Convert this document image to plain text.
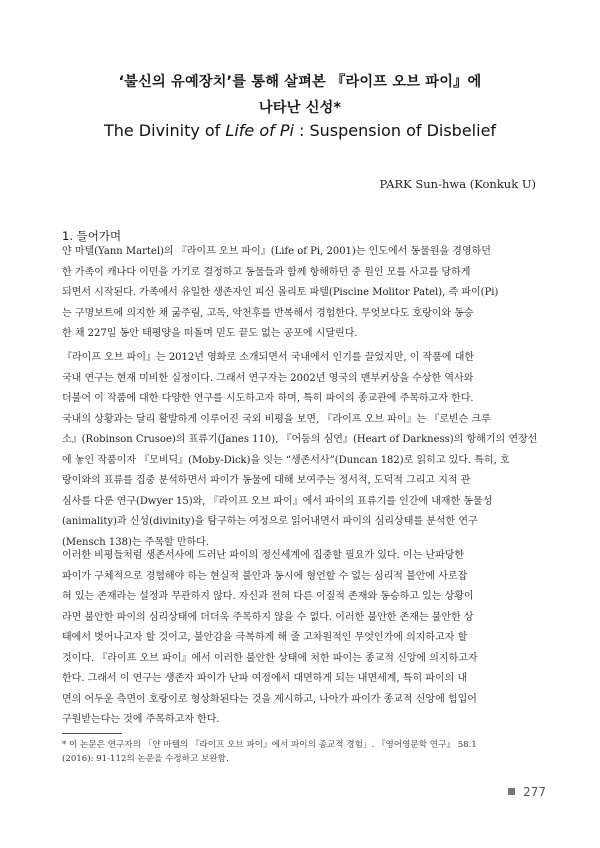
‘불신의 유예장치’를 통해 살펴본 『라이프 오브 파이』에
나타난 신성*
The Divinity of Life of Pi : Suspension of Disbelief
PARK Sun-hwa (Konkuk U)
1. 들어가며
얀 마텔(Yann Martel)의 『라이프 오브 파이』(Life of Pi, 2001)는 인도에서 동물원을 경영하던
한 가족이 캐나다 이민을 가기로 결정하고 동물들과 함께 항해하던 중 원인 모를 사고를 당하게
되면서 시작된다. 가족에서 유일한 생존자인 피신 몰리토 파텔(Piscine Molitor Patel), 즉 파이(Pi)
는 구명보트에 의지한 채 굶주림, 고독, 악천후를 반복해서 경험한다. 무엇보다도 호랑이와 동승
한 채 227일 동안 태평양을 떠돌며 믿도 끝도 없는 공포에 시달린다.
『라이프 오브 파이』는 2012년 영화로 소개되면서 국내에서 인기를 끌었지만, 이 작품에 대한
국내 연구는 현재 미비한 실정이다. 그래서 연구자는 2002년 영국의 맨부커상을 수상한 역사와
더불어 이 작품에 대한 다양한 연구를 시도하고자 하며, 특히 파이의 종교관에 주목하고자 한다.
국내의 상황과는 달리 활발하게 이루어진 국외 비평을 보면, 『라이프 오브 파이』는 『로빈슨 크루
소』(Robinson Crusoe)의 표류기(Janes 110), 『어둠의 심연』(Heart of Darkness)의 항해기의 연장선
에 놓인 작품이자 『모비딕』(Moby-Dick)을 잇는 “생존서사”(Duncan 182)로 읽히고 있다. 특히, 호
랑이와의 표류를 집중 분석하면서 파이가 동물에 대해 보여주는 정서적, 도덕적 그리고 지적 관
심사를 다룬 연구(Dwyer 15)와, 『라이프 오브 파이』에서 파이의 표류기를 인간에 내재한 동물성
(animality)과 신성(divinity)을 탐구하는 여정으로 읽어내면서 파이의 심리상태를 분석한 연구
(Mensch 138)는 주목할 만하다.
이러한 비평들처럼 생존서사에 드러난 파이의 정신세계에 집중할 필요가 있다. 이는 난파당한
파이가 구체적으로 경험해야 하는 현실적 불안과 동시에 형언할 수 없는 심리적 불안에 사로잡
혀 있는 존재라는 설정과 무관하지 않다. 자신과 전혀 다른 이질적 존재와 동승하고 있는 상황이
라면 불안한 파이의 심리상태에 더더욱 주목하지 않을 수 없다. 이러한 불안한 존재는 불안한 상
태에서 벗어나고자 할 것이고, 불안감을 극복하게 해 줄 고차원적인 무엇인가에 의지하고자 할
것이다. 『라이프 오브 파이』에서 이러한 불안한 상태에 처한 파이는 종교적 신앙에 의지하고자
한다. 그래서 이 연구는 생존자 파이가 난파 여정에서 대면하게 되는 내면세계, 특히 파이의 내
면의 어두운 측면이 호랑이로 형상화된다는 것을 제시하고, 나아가 파이가 종교적 신앙에 힘입어
구원받는다는 것에 주목하고자 한다.
* 이 논문은 연구자의 「얀 마텔의 『라이프 오브 파이』에서 파이의 종교적 경험」. 『영어영문학 연구』 58.1
(2016): 91-112의 논문을 수정하고 보완함.
277
